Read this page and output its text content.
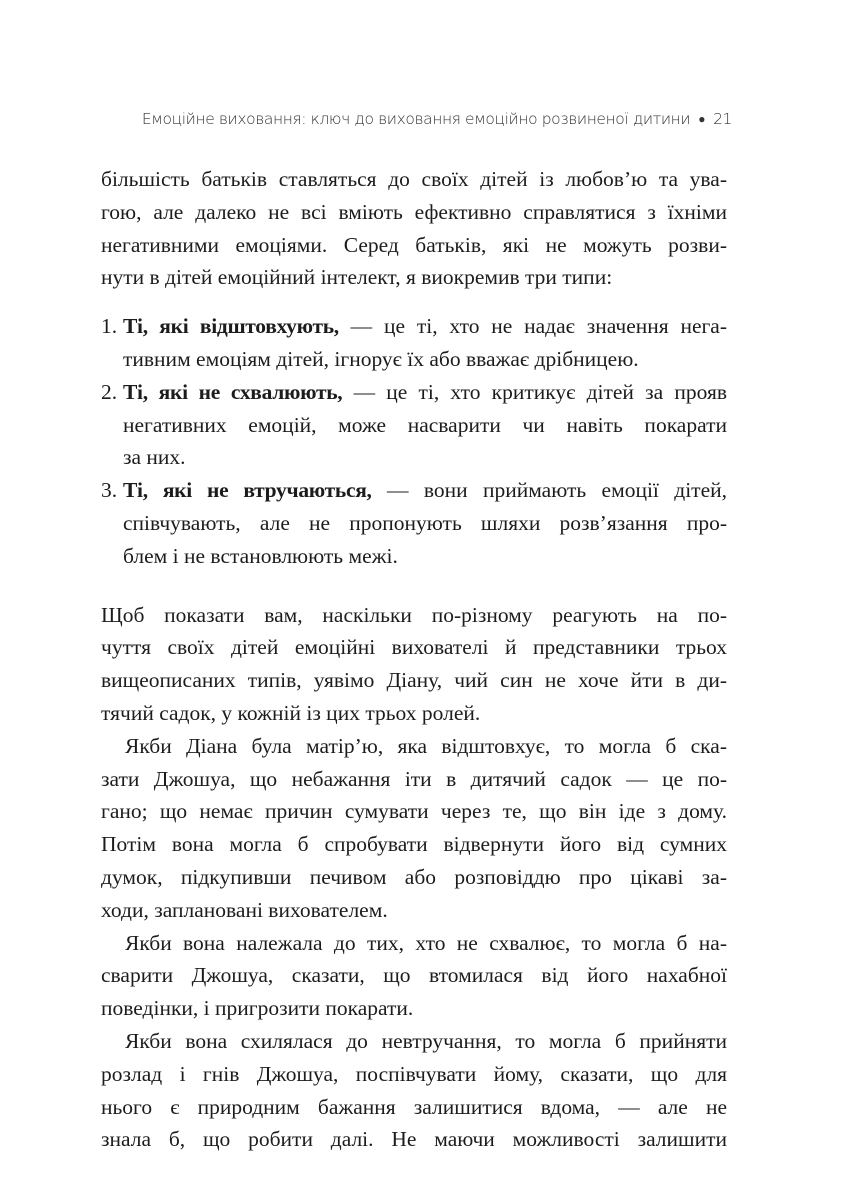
Емоційне виховання: ключ до виховання емоційно розвиненої дитини ● 21
більшість батьків ставляться до своїх дітей із любов’ю та ува-
гою, але далеко не всі вміють ефективно справлятися з їхніми
негативними емоціями. Серед батьків, які не можуть розви-
нути в дітей емоційний інтелект, я виокремив три типи:
1. Ті, які відштовхують, — це ті, хто не надає значення нега-
тивним емоціям дітей, ігнорує їх або вважає дрібницею.
2. Ті, які не схвалюють, — це ті, хто критикує дітей за прояв
негативних емоцій, може насварити чи навіть покарати
за них.
3. Ті, які не втручаються, — вони приймають емоції дітей,
співчувають, але не пропонують шляхи розв’язання про-
блем і не встановлюють межі.
Щоб показати вам, наскільки по-різному реагують на по-
чуття своїх дітей емоційні вихователі й представники трьох
вищеописаних типів, уявімо Діану, чий син не хоче йти в ди-
тячий садок, у кожній із цих трьох ролей.
Якби Діана була матір’ю, яка відштовхує, то могла б ска-
зати Джошуа, що небажання іти в дитячий садок — це по-
гано; що немає причин сумувати через те, що він іде з дому.
Потім вона могла б спробувати відвернути його від сумних
думок, підкупивши печивом або розповіддю про цікаві за-
ходи, заплановані вихователем.
Якби вона належала до тих, хто не схвалює, то могла б на-
сварити Джошуа, сказати, що втомилася від його нахабної
поведінки, і пригрозити покарати.
Якби вона схилялася до невтручання, то могла б прийняти
розлад і гнів Джошуа, поспівчувати йому, сказати, що для
нього є природним бажання залишитися вдома, — але не
знала б, що робити далі. Не маючи можливості залишити
